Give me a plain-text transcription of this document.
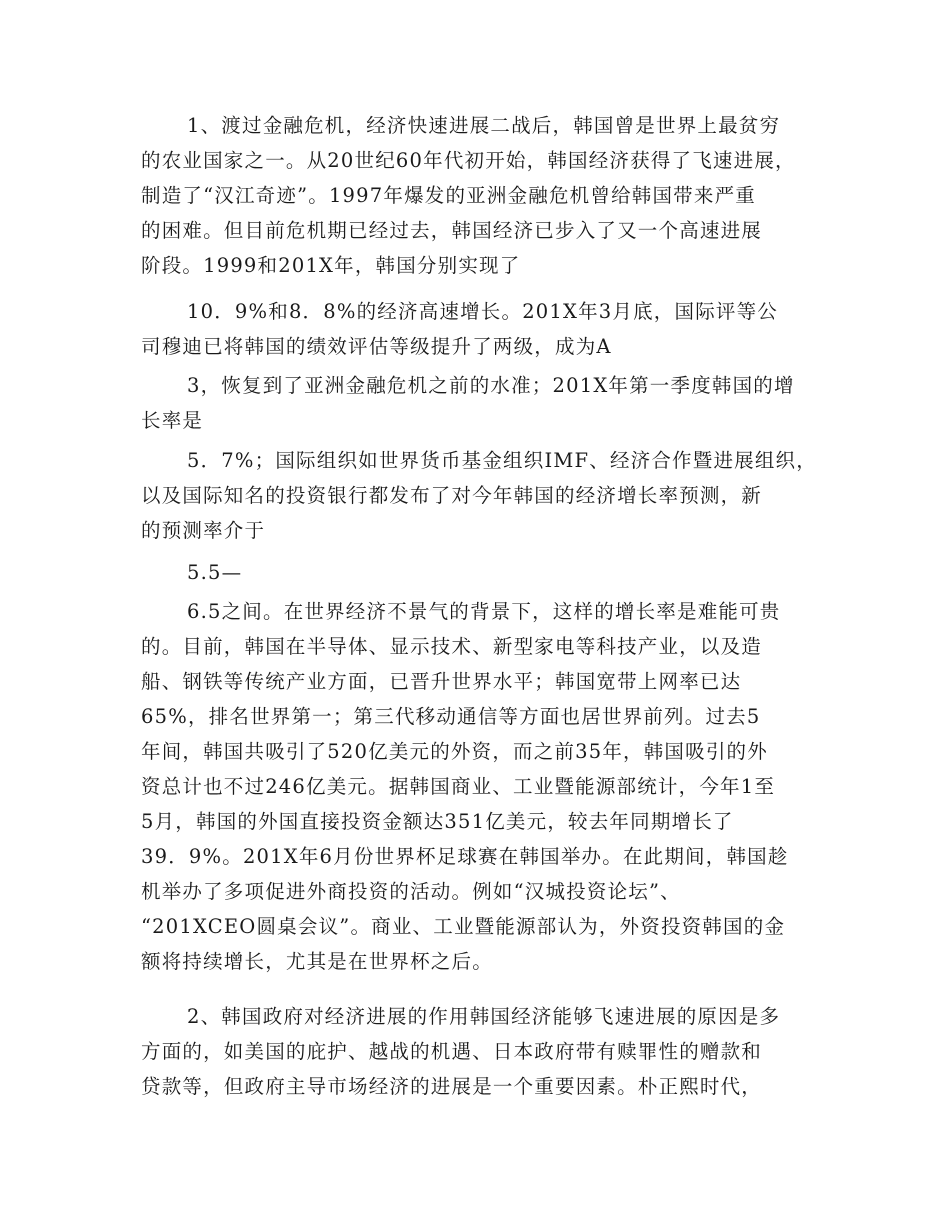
1、渡过金融危机，经济快速进展二战后，韩国曾是世界上最贫穷
的农业国家之一。从20世纪60年代初开始，韩国经济获得了飞速进展，
制造了“汉江奇迹”。1997年爆发的亚洲金融危机曾给韩国带来严重
的困难。但目前危机期已经过去，韩国经济已步入了又一个高速进展
阶段。1999和201X年，韩国分别实现了
10．9%和8．8%的经济高速增长。201X年3月底，国际评等公
司穆迪已将韩国的绩效评估等级提升了两级，成为A
3，恢复到了亚洲金融危机之前的水准；201X年第一季度韩国的增
长率是
5．7%；国际组织如世界货币基金组织IMF、经济合作暨进展组织，
以及国际知名的投资银行都发布了对今年韩国的经济增长率预测，新
的预测率介于
5.5—
6.5之间。在世界经济不景气的背景下，这样的增长率是难能可贵
的。目前，韩国在半导体、显示技术、新型家电等科技产业，以及造
船、钢铁等传统产业方面，已晋升世界水平；韩国宽带上网率已达
65%，排名世界第一；第三代移动通信等方面也居世界前列。过去5
年间，韩国共吸引了520亿美元的外资，而之前35年，韩国吸引的外
资总计也不过246亿美元。据韩国商业、工业暨能源部统计，今年1至
5月，韩国的外国直接投资金额达351亿美元，较去年同期增长了
39．9%。201X年6月份世界杯足球赛在韩国举办。在此期间，韩国趁
机举办了多项促进外商投资的活动。例如“汉城投资论坛”、
“201XCEO圆桌会议”。商业、工业暨能源部认为，外资投资韩国的金
额将持续增长，尤其是在世界杯之后。
2、韩国政府对经济进展的作用韩国经济能够飞速进展的原因是多
方面的，如美国的庇护、越战的机遇、日本政府带有赎罪性的赠款和
贷款等，但政府主导市场经济的进展是一个重要因素。朴正熙时代，
